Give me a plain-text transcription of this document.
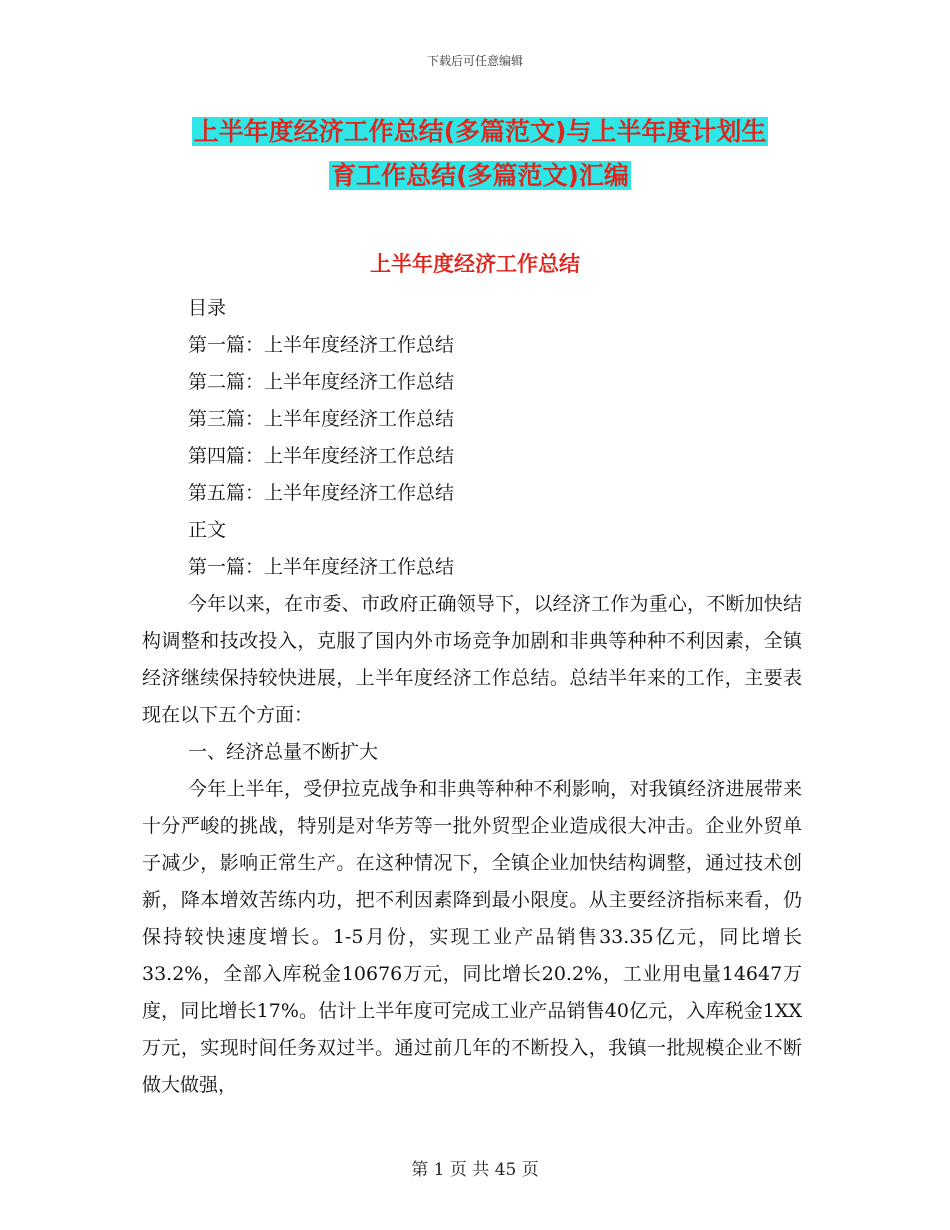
下载后可任意编辑
上半年度经济工作总结(多篇范文)与上半年度计划生
育工作总结(多篇范文)汇编
上半年度经济工作总结
目录
第一篇：上半年度经济工作总结
第二篇：上半年度经济工作总结
第三篇：上半年度经济工作总结
第四篇：上半年度经济工作总结
第五篇：上半年度经济工作总结
正文
第一篇：上半年度经济工作总结

今年以来，在市委、市政府正确领导下，以经济工作为重心，不断加快结构调整和技改投入，克服了国内外市场竞争加剧和非典等种种不利因素，全镇经济继续保持较快进展，上半年度经济工作总结。总结半年来的工作，主要表现在以下五个方面：

一、经济总量不断扩大

今年上半年，受伊拉克战争和非典等种种不利影响，对我镇经济进展带来十分严峻的挑战，特别是对华芳等一批外贸型企业造成很大冲击。企业外贸单子减少，影响正常生产。在这种情况下，全镇企业加快结构调整，通过技术创新，降本增效苦练内功，把不利因素降到最小限度。从主要经济指标来看，仍保持较快速度增长。1-5月份，实现工业产品销售33.35亿元，同比增长33.2%，全部入库税金10676万元，同比增长20.2%，工业用电量14647万度，同比增长17%。估计上半年度可完成工业产品销售40亿元，入库税金1XX万元，实现时间任务双过半。通过前几年的不断投入，我镇一批规模企业不断做大做强，

第 1 页 共 45 页
